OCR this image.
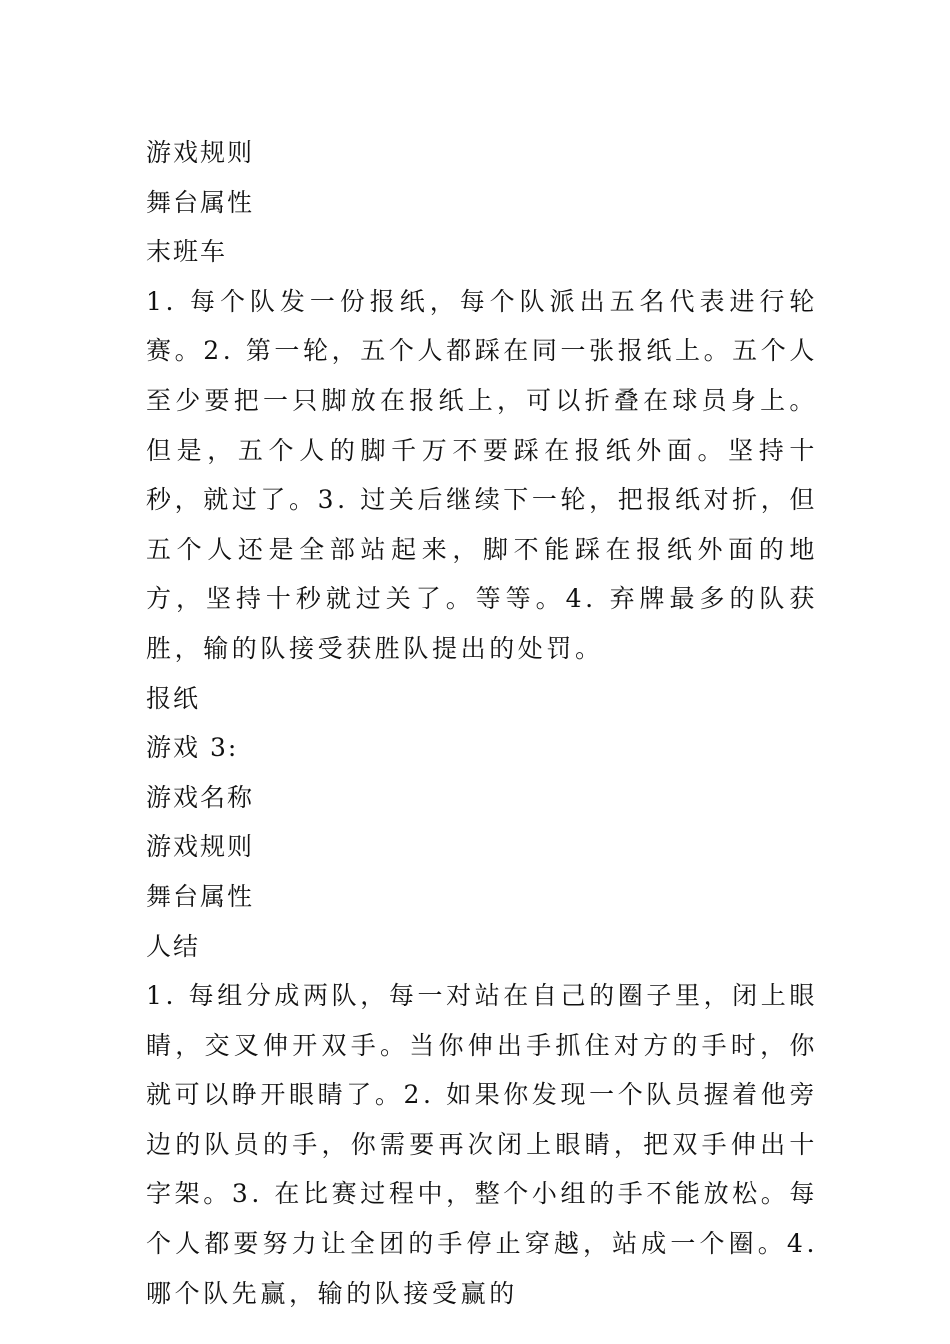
游戏规则
舞台属性
末班车

1. 每个队发一份报纸，每个队派出五名代表进行轮赛。2. 第一轮，五个人都踩在同一张报纸上。五个人至少要把一只脚放在报纸上，可以折叠在球员身上。但是，五个人的脚千万不要踩在报纸外面。坚持十秒，就过了。3. 过关后继续下一轮，把报纸对折，但五个人还是全部站起来，脚不能踩在报纸外面的地方，坚持十秒就过关了。等等。4. 弃牌最多的队获胜，输的队接受获胜队提出的处罚。

报纸
游戏 3:
游戏名称
游戏规则
舞台属性
人结

1. 每组分成两队，每一对站在自己的圈子里，闭上眼睛，交叉伸开双手。当你伸出手抓住对方的手时，你就可以睁开眼睛了。2. 如果你发现一个队员握着他旁边的队员的手，你需要再次闭上眼睛，把双手伸出十字架。3. 在比赛过程中，整个小组的手不能放松。每个人都要努力让全团的手停止穿越，站成一个圈。4. 哪个队先赢，输的队接受赢的
